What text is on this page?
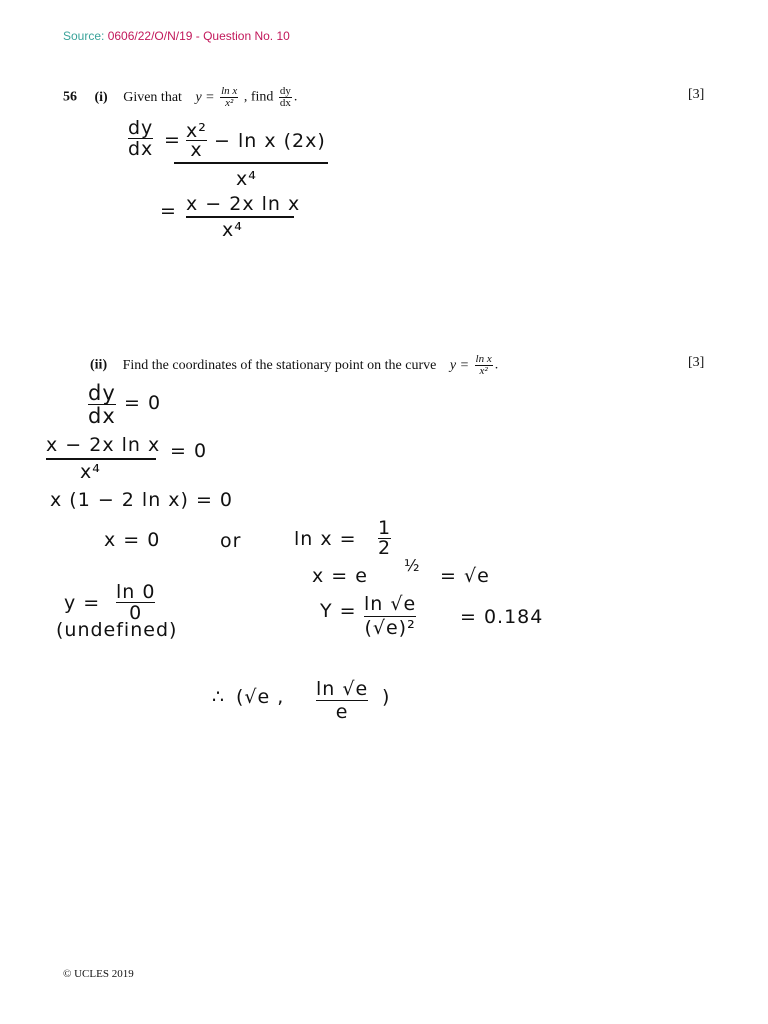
Source: 0606/22/O/N/19 - Question No. 10
56 (i) Given that $y = \frac{\text{ln x}}{\text{x²}}$ , find $\frac{dy}{dx}$ .	[3]
dy
dx = $\frac{\text{x²}}{x} - \ln x$ (2x)
x⁴
= x − 2x ln x
x⁴
(ii) Find the coordinates of the stationary point on the curve $y = \frac{\text{ln x}}{\text{x²}}$ .	[3]
dy
dx
= 0
x − 2x ln x
x⁴
= 0
x (1 − 2 ln x) = 0
x = 0	or	$\ln x = \frac{1}{2}$
x = e ½ = √e
y = ln 0
0
(undefined)
$Y = \frac{\ln √e}{\text{(√e)²}} = 0.184$
∴ (√e , $\frac{\ln √e}{e}$ )
© UCLES 2019
